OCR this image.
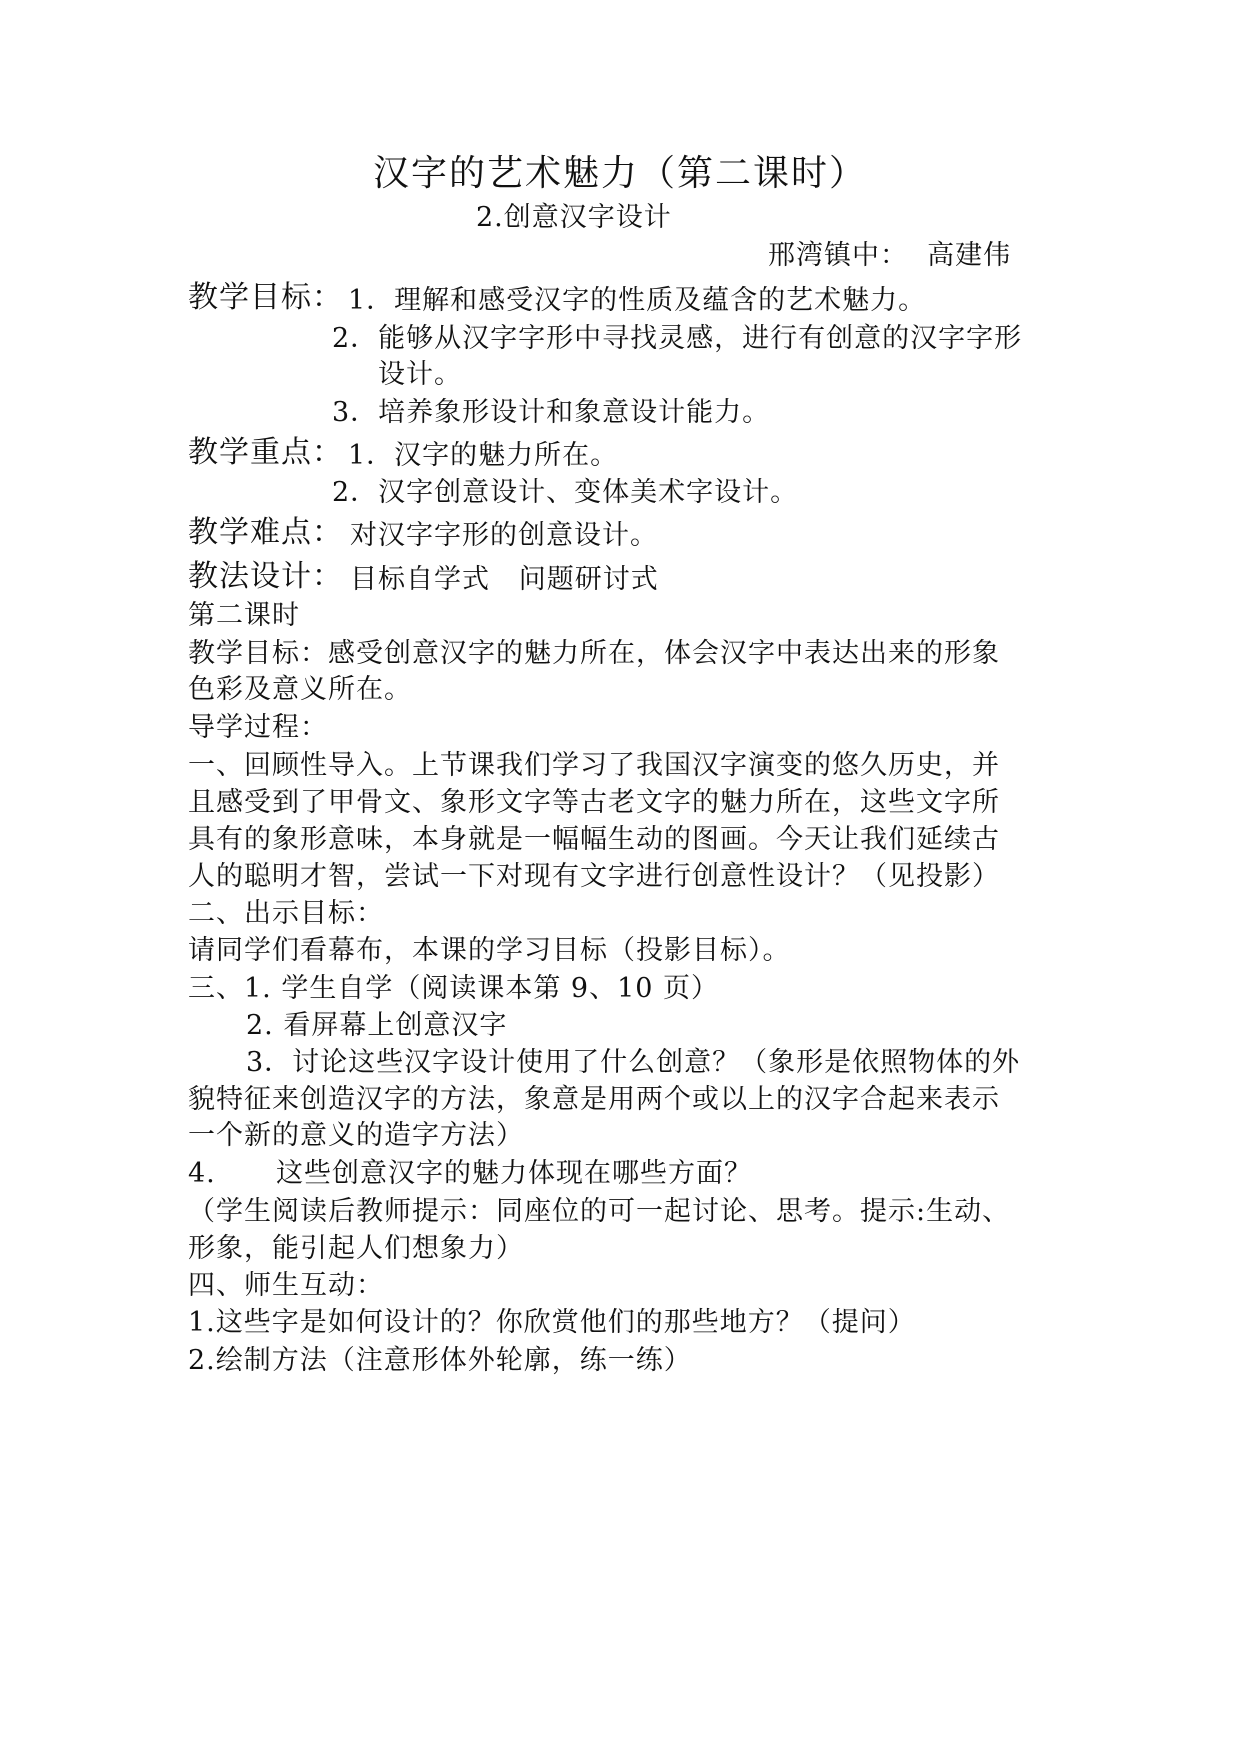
汉字的艺术魅力（第二课时）
2.创意汉字设计
邢湾镇中：  高建伟
教学目标： 1．理解和感受汉字的性质及蕴含的艺术魅力。
2．能够从汉字字形中寻找灵感，进行有创意的汉字字形
设计。
3．培养象形设计和象意设计能力。
教学重点： 1．汉字的魅力所在。
2．汉字创意设计、变体美术字设计。
教学难点： 对汉字字形的创意设计。
教法设计： 目标自学式   问题研讨式
第二课时
教学目标：感受创意汉字的魅力所在，体会汉字中表达出来的形象
色彩及意义所在。
导学过程：
一、回顾性导入。上节课我们学习了我国汉字演变的悠久历史，并
且感受到了甲骨文、象形文字等古老文字的魅力所在，这些文字所
具有的象形意味，本身就是一幅幅生动的图画。今天让我们延续古
人的聪明才智，尝试一下对现有文字进行创意性设计？（见投影）
二、出示目标：
请同学们看幕布，本课的学习目标（投影目标）。
三、1. 学生自学（阅读课本第 9、10 页）
2. 看屏幕上创意汉字
3．讨论这些汉字设计使用了什么创意？（象形是依照物体的外
貌特征来创造汉字的方法，象意是用两个或以上的汉字合起来表示
一个新的意义的造字方法）
4. 这些创意汉字的魅力体现在哪些方面？
（学生阅读后教师提示：同座位的可一起讨论、思考。提示:生动、
形象，能引起人们想象力）
四、师生互动：
1.这些字是如何设计的？你欣赏他们的那些地方？（提问）
2.绘制方法（注意形体外轮廓，练一练）
